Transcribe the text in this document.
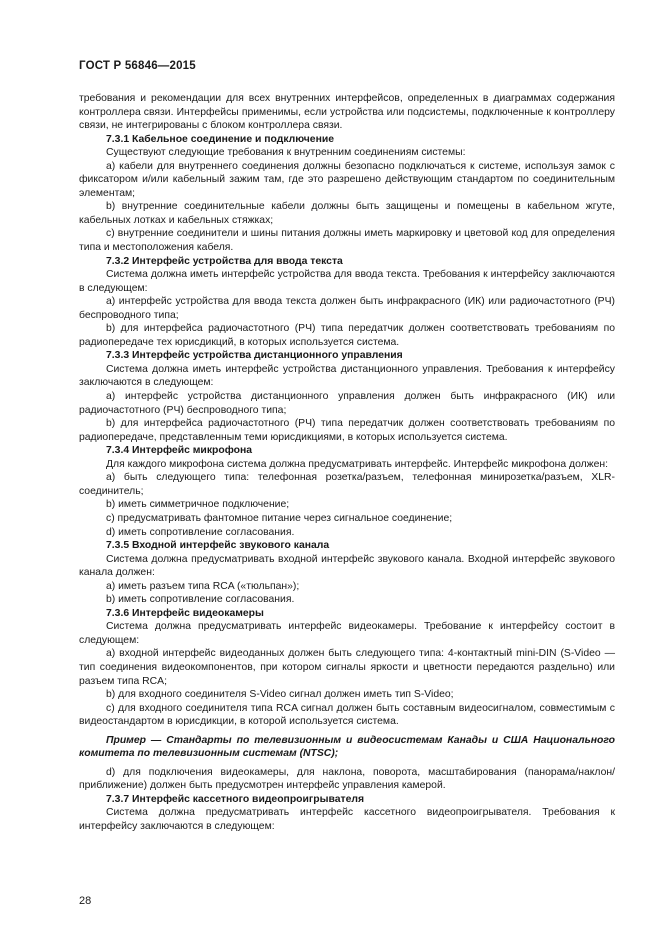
ГОСТ Р 56846—2015

требования и рекомендации для всех внутренних интерфейсов, определенных в диаграммах содержания контроллера связи. Интерфейсы применимы, если устройства или подсистемы, подключенные к контроллеру связи, не интегрированы с блоком контроллера связи.

7.3.1 Кабельное соединение и подключение

Существуют следующие требования к внутренним соединениям системы:

a) кабели для внутреннего соединения должны безопасно подключаться к системе, используя замок с фиксатором и/или кабельный зажим там, где это разрешено действующим стандартом по соединительным элементам;

b) внутренние соединительные кабели должны быть защищены и помещены в кабельном жгуте, кабельных лотках и кабельных стяжках;

c) внутренние соединители и шины питания должны иметь маркировку и цветовой код для определения типа и местоположения кабеля.

7.3.2 Интерфейс устройства для ввода текста

Система должна иметь интерфейс устройства для ввода текста. Требования к интерфейсу заключаются в следующем:

a) интерфейс устройства для ввода текста должен быть инфракрасного (ИК) или радиочастотного (РЧ) беспроводного типа;

b) для интерфейса радиочастотного (РЧ) типа передатчик должен соответствовать требованиям по радиопередаче тех юрисдикций, в которых используется система.

7.3.3 Интерфейс устройства дистанционного управления

Система должна иметь интерфейс устройства дистанционного управления. Требования к интерфейсу заключаются в следующем:

a) интерфейс устройства дистанционного управления должен быть инфракрасного (ИК) или радиочастотного (РЧ) беспроводного типа;

b) для интерфейса радиочастотного (РЧ) типа передатчик должен соответствовать требованиям по радиопередаче, представленным теми юрисдикциями, в которых используется система.

7.3.4 Интерфейс микрофона

Для каждого микрофона система должна предусматривать интерфейс. Интерфейс микрофона должен:

a) быть следующего типа: телефонная розетка/разъем, телефонная минирозетка/разъем, XLR-соединитель;

b) иметь симметричное подключение;

c) предусматривать фантомное питание через сигнальное соединение;

d) иметь сопротивление согласования.

7.3.5 Входной интерфейс звукового канала

Система должна предусматривать входной интерфейс звукового канала. Входной интерфейс звукового канала должен:

a) иметь разъем типа RCA («тюльпан»);

b) иметь сопротивление согласования.

7.3.6 Интерфейс видеокамеры

Система должна предусматривать интерфейс видеокамеры. Требование к интерфейсу состоит в следующем:

a) входной интерфейс видеоданных должен быть следующего типа: 4-контактный mini-DIN (S-Video — тип соединения видеокомпонентов, при котором сигналы яркости и цветности передаются раздельно) или разъем типа RCA;

b) для входного соединителя S-Video сигнал должен иметь тип S-Video;

c) для входного соединителя типа RCA сигнал должен быть составным видеосигналом, совместимым с видеостандартом в юрисдикции, в которой используется система.

Пример — Стандарты по телевизионным и видеосистемам Канады и США Национального комитета по телевизионным системам (NTSC);

d) для подключения видеокамеры, для наклона, поворота, масштабирования (панорама/наклон/приближение) должен быть предусмотрен интерфейс управления камерой.

7.3.7 Интерфейс кассетного видеопроигрывателя

Система должна предусматривать интерфейс кассетного видеопроигрывателя. Требования к интерфейсу заключаются в следующем:

28
